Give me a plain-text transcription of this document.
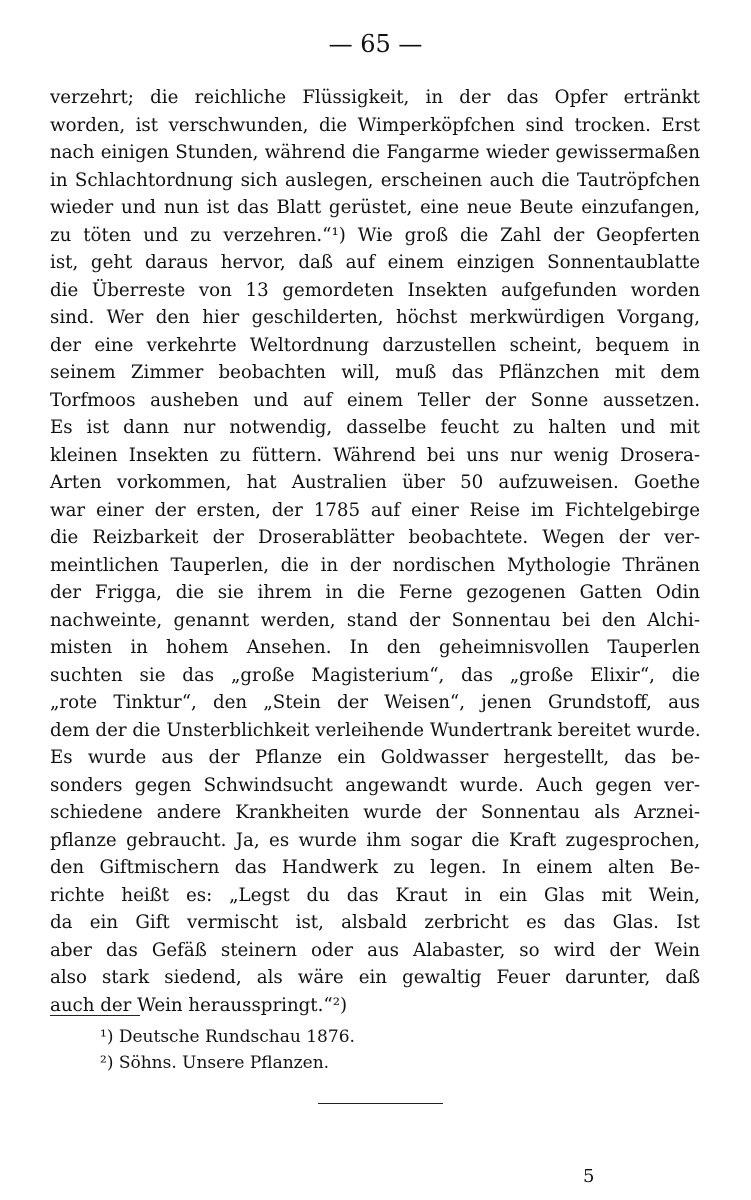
— 65 —
verzehrt; die reichliche Flüssigkeit, in der das Opfer ertränkt
worden, ist verschwunden, die Wimperköpfchen sind trocken. Erst
nach einigen Stunden, während die Fangarme wieder gewissermaßen
in Schlachtordnung sich auslegen, erscheinen auch die Tautröpfchen
wieder und nun ist das Blatt gerüstet, eine neue Beute einzufangen,
zu töten und zu verzehren.“¹) Wie groß die Zahl der Geopferten
ist, geht daraus hervor, daß auf einem einzigen Sonnentaublatte
die Überreste von 13 gemordeten Insekten aufgefunden worden
sind. Wer den hier geschilderten, höchst merkwürdigen Vorgang,
der eine verkehrte Weltordnung darzustellen scheint, bequem in
seinem Zimmer beobachten will, muß das Pflänzchen mit dem
Torfmoos ausheben und auf einem Teller der Sonne aussetzen.
Es ist dann nur notwendig, dasselbe feucht zu halten und mit
kleinen Insekten zu füttern. Während bei uns nur wenig Drosera-
Arten vorkommen, hat Australien über 50 aufzuweisen. Goethe
war einer der ersten, der 1785 auf einer Reise im Fichtelgebirge
die Reizbarkeit der Droserablätter beobachtete. Wegen der ver-
meintlichen Tauperlen, die in der nordischen Mythologie Thränen
der Frigga, die sie ihrem in die Ferne gezogenen Gatten Odin
nachweinte, genannt werden, stand der Sonnentau bei den Alchi-
misten in hohem Ansehen. In den geheimnisvollen Tauperlen
suchten sie das „große Magisterium“, das „große Elixir“, die
„rote Tinktur“, den „Stein der Weisen“, jenen Grundstoff, aus
dem der die Unsterblichkeit verleihende Wundertrank bereitet wurde.
Es wurde aus der Pflanze ein Goldwasser hergestellt, das be-
sonders gegen Schwindsucht angewandt wurde. Auch gegen ver-
schiedene andere Krankheiten wurde der Sonnentau als Arznei-
pflanze gebraucht. Ja, es wurde ihm sogar die Kraft zugesprochen,
den Giftmischern das Handwerk zu legen. In einem alten Be-
richte heißt es: „Legst du das Kraut in ein Glas mit Wein,
da ein Gift vermischt ist, alsbald zerbricht es das Glas. Ist
aber das Gefäß steinern oder aus Alabaster, so wird der Wein
also stark siedend, als wäre ein gewaltig Feuer darunter, daß
auch der Wein herausspringt.“²)
¹) Deutsche Rundschau 1876.
²) Söhns. Unsere Pflanzen.
5
